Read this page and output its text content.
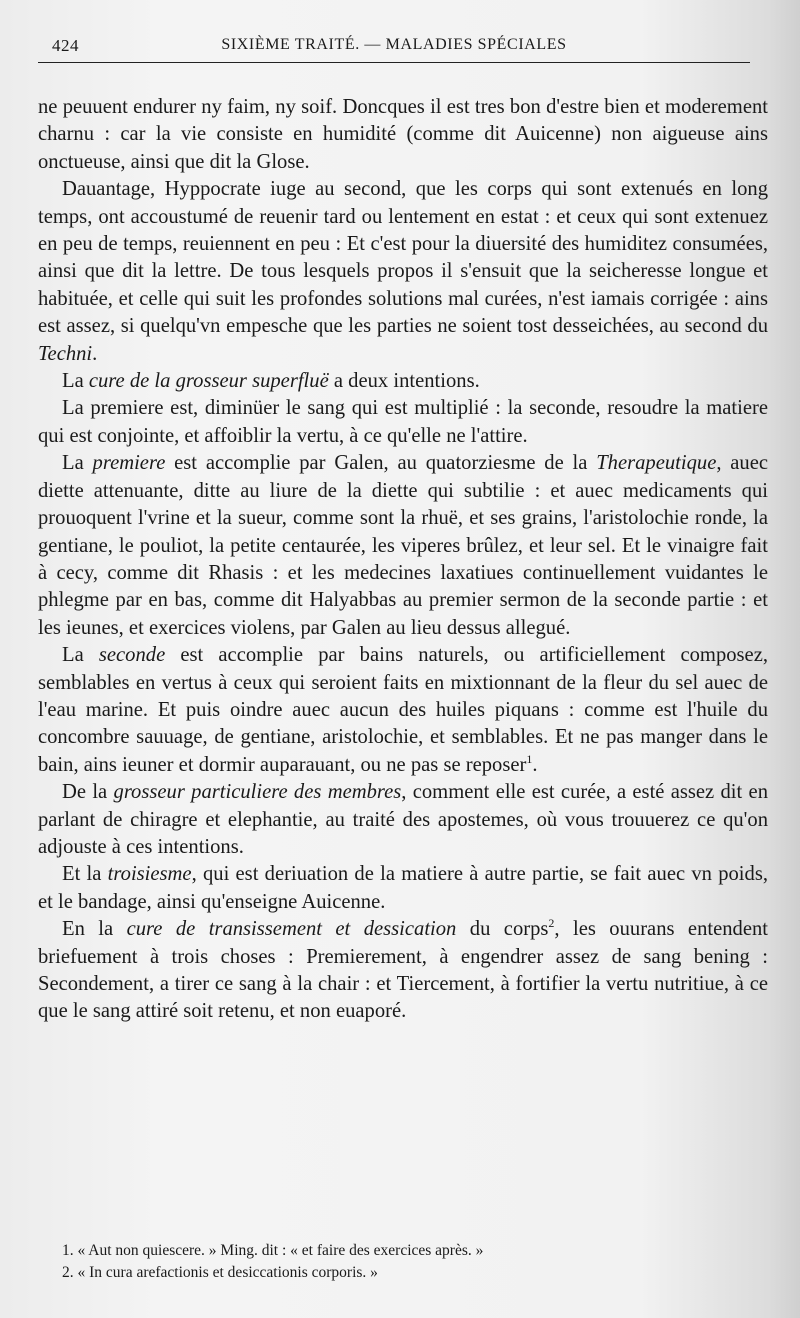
424	SIXIÈME TRAITÉ. — MALADIES SPÉCIALES

ne peuuent endurer ny faim, ny soif. Doncques il est tres bon d'estre bien et moderement charnu : car la vie consiste en humidité (comme dit Auicenne) non aigueuse ains onctueuse, ainsi que dit la Glose.

Dauantage, Hyppocrate iuge au second, que les corps qui sont extenués en long temps, ont accoustumé de reuenir tard ou lentement en estat : et ceux qui sont extenuez en peu de temps, reuiennent en peu : Et c'est pour la diuersité des humiditez consumées, ainsi que dit la lettre. De tous lesquels propos il s'ensuit que la seicheresse longue et habituée, et celle qui suit les profondes solutions mal curées, n'est iamais corrigée : ains est assez, si quelqu'vn empesche que les parties ne soient tost desseichées, au second du Techni.

La cure de la grosseur superfluë a deux intentions.

La premiere est, diminüer le sang qui est multiplié : la seconde, resoudre la matiere qui est conjointe, et affoiblir la vertu, à ce qu'elle ne l'attire.

La premiere est accomplie par Galen, au quatorziesme de la Therapeutique, auec diette attenuante, ditte au liure de la diette qui subtilie : et auec medicaments qui prouoquent l'vrine et la sueur, comme sont la rhuë, et ses grains, l'aristolochie ronde, la gentiane, le pouliot, la petite centaurée, les viperes brûlez, et leur sel. Et le vinaigre fait à cecy, comme dit Rhasis : et les medecines laxatiues continuellement vuidantes le phlegme par en bas, comme dit Halyabbas au premier sermon de la seconde partie : et les ieunes, et exercices violens, par Galen au lieu dessus allegué.

La seconde est accomplie par bains naturels, ou artificiellement composez, semblables en vertus à ceux qui seroient faits en mixtionnant de la fleur du sel auec de l'eau marine. Et puis oindre auec aucun des huiles piquans : comme est l'huile du concombre sauuage, de gentiane, aristolochie, et semblables. Et ne pas manger dans le bain, ains ieuner et dormir auparauant, ou ne pas se reposer$^1$.

De la grosseur particuliere des membres, comment elle est curée, a esté assez dit en parlant de chiragre et elephantie, au traité des apostemes, où vous trouuerez ce qu'on adjouste à ces intentions.

Et la troisiesme, qui est deriuation de la matiere à autre partie, se fait auec vn poids, et le bandage, ainsi qu'enseigne Auicenne.

En la cure de transissement et dessication du corps$^2$, les ouurans entendent briefuement à trois choses : Premierement, à engendrer assez de sang bening : Secondement, a tirer ce sang à la chair : et Tiercement, à fortifier la vertu nutritiue, à ce que le sang attiré soit retenu, et non euaporé.

1. « Aut non quiescere. » Ming. dit : « et faire des exercices après. »
2. « In cura arefactionis et desiccationis corporis. »
